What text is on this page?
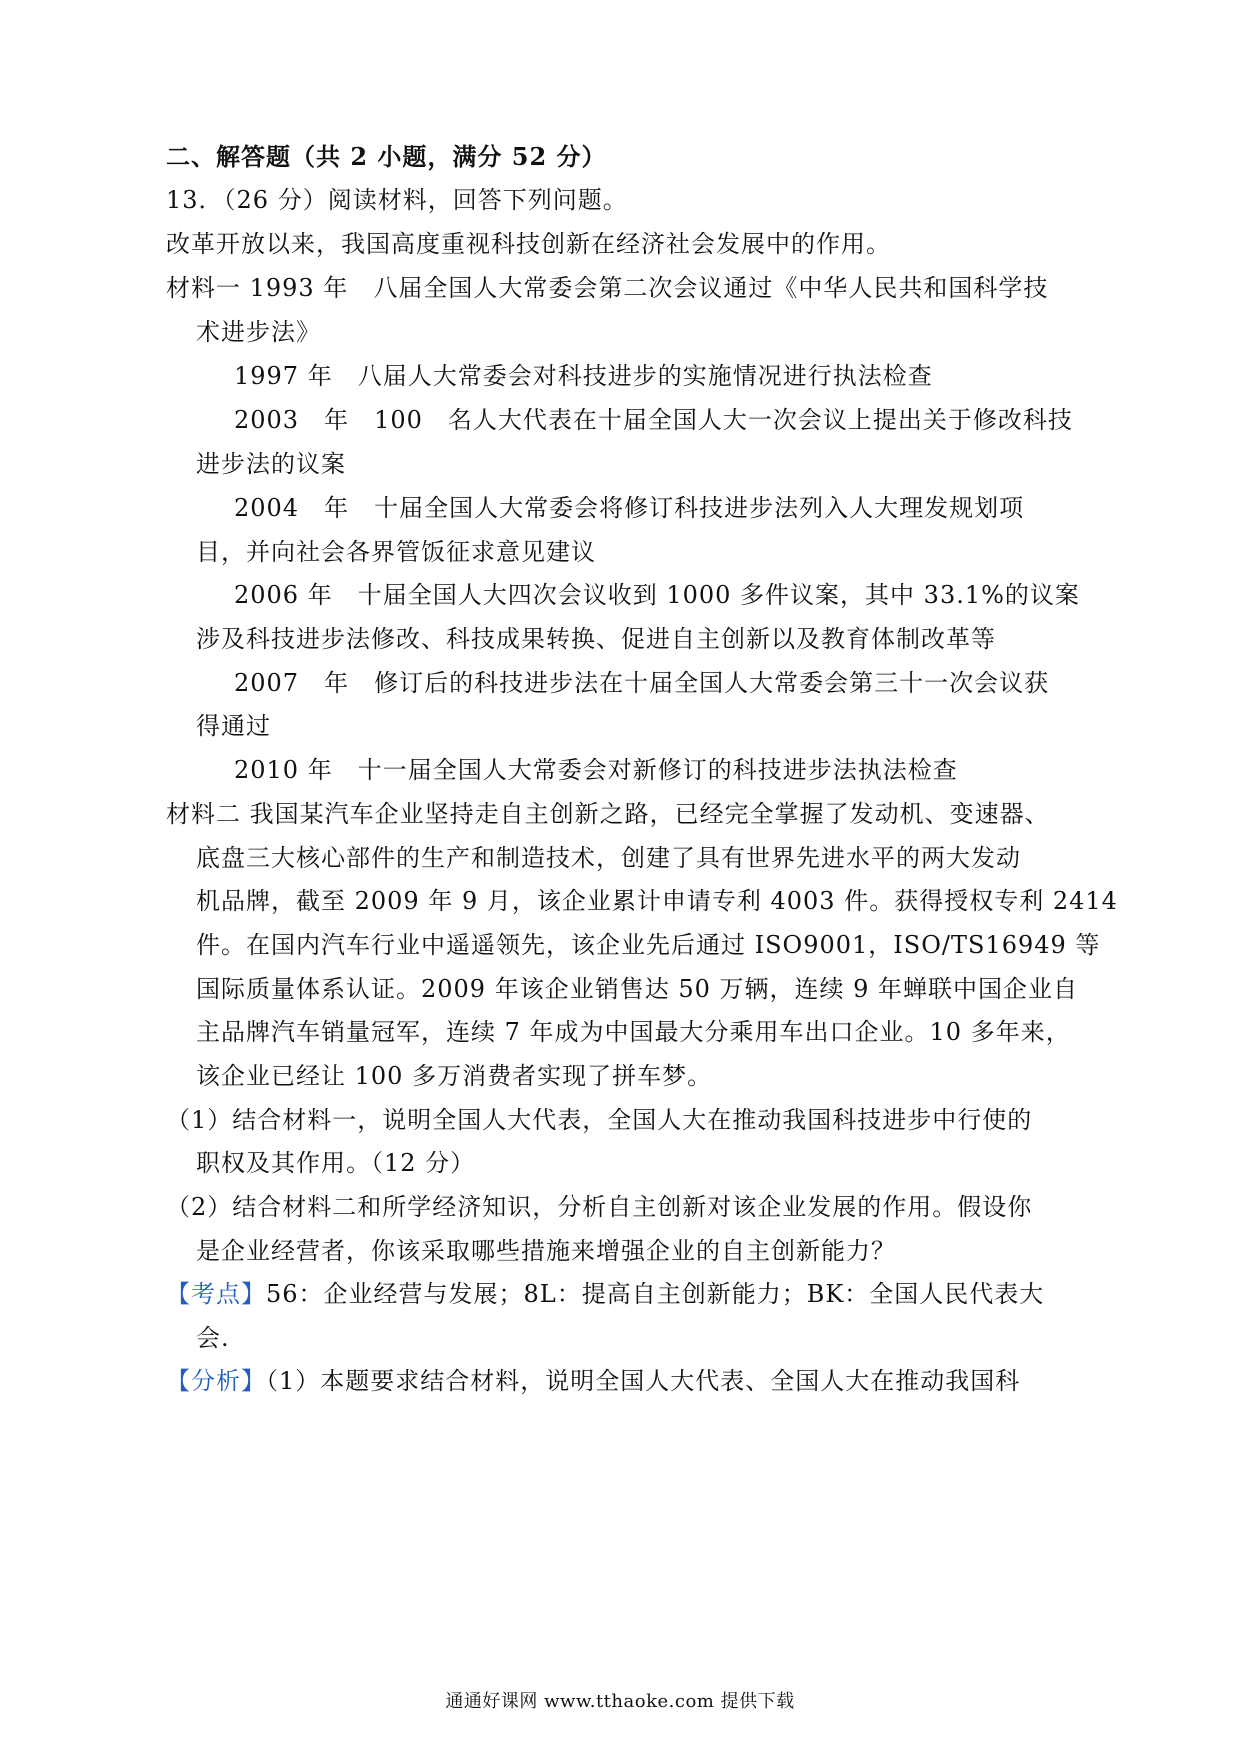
二、解答题（共 2 小题，满分 52 分）
13．（26 分）阅读材料，回答下列问题。
改革开放以来，我国高度重视科技创新在经济社会发展中的作用。
材料一 1993 年　八届全国人大常委会第二次会议通过《中华人民共和国科学技
术进步法》
1997 年　八届人大常委会对科技进步的实施情况进行执法检查
2003　年　100　名人大代表在十届全国人大一次会议上提出关于修改科技
进步法的议案
2004　年　十届全国人大常委会将修订科技进步法列入人大理发规划项
目，并向社会各界管饭征求意见建议
2006 年　十届全国人大四次会议收到 1000 多件议案，其中 33.1%的议案
涉及科技进步法修改、科技成果转换、促进自主创新以及教育体制改革等
2007　年　修订后的科技进步法在十届全国人大常委会第三十一次会议获
得通过
2010 年　十一届全国人大常委会对新修订的科技进步法执法检查
材料二 我国某汽车企业坚持走自主创新之路，已经完全掌握了发动机、变速器、
底盘三大核心部件的生产和制造技术，创建了具有世界先进水平的两大发动
机品牌，截至 2009 年 9 月，该企业累计申请专利 4003 件。获得授权专利 2414
件。在国内汽车行业中遥遥领先，该企业先后通过 ISO9001，ISO/TS16949 等
国际质量体系认证。2009 年该企业销售达 50 万辆，连续 9 年蝉联中国企业自
主品牌汽车销量冠军，连续 7 年成为中国最大分乘用车出口企业。10 多年来，
该企业已经让 100 多万消费者实现了拼车梦。
（1）结合材料一，说明全国人大代表，全国人大在推动我国科技进步中行使的
职权及其作用。（12 分）
（2）结合材料二和所学经济知识，分析自主创新对该企业发展的作用。假设你
是企业经营者，你该采取哪些措施来增强企业的自主创新能力？
【考点】56：企业经营与发展；8L：提高自主创新能力；BK：全国人民代表大
会.
【分析】（1）本题要求结合材料，说明全国人大代表、全国人大在推动我国科
通通好课网 www.tthaoke.com 提供下载
